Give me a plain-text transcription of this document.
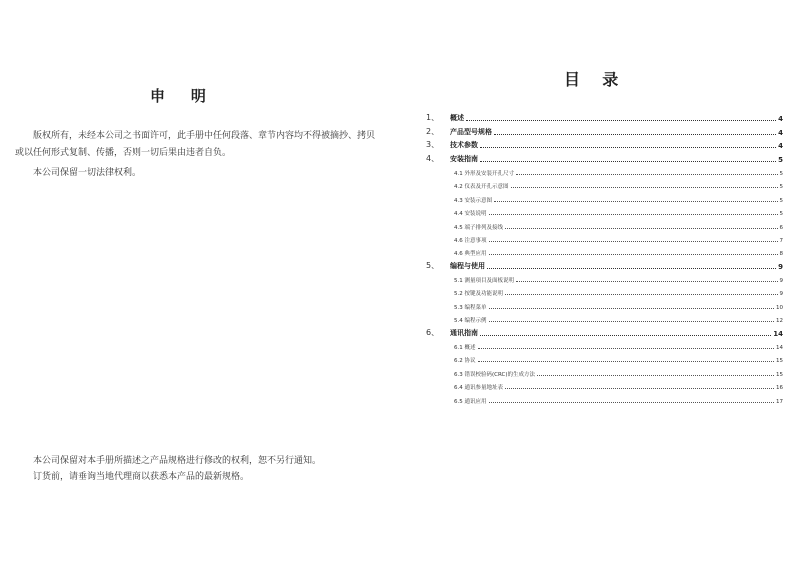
申    明
版权所有，未经本公司之书面许可，此手册中任何段落、章节内容均不得被摘抄、拷贝或以任何形式复制、传播，否则一切后果由违者自负。
本公司保留一切法律权利。
本公司保留对本手册所描述之产品规格进行修改的权利，恕不另行通知。
订货前，请垂询当地代理商以获悉本产品的最新规格。
目    录
1、	概述	4
2、	产品型号规格	4
3、	技术参数	4
4、	安装指南	5
4.1 外形及安装开孔尺寸	5
4.2 仪表及开孔示意图	5
4.3 安装示意图	5
4.4 安装说明	5
4.5 端子排列及接线	6
4.6 注意事项	7
4.6 典型应用	8
5、	编程与使用	9
5.1 测量项目及面板说明	9
5.2 按键及功能说明	9
5.3 编程菜单	10
5.4 编程示例	12
6、	通讯指南	14
6.1 概述	14
6.2 协议	15
6.3 错误校验码(CRC)的生成方法	15
6.4 通讯参量地址表	16
6.5 通讯应用	17
